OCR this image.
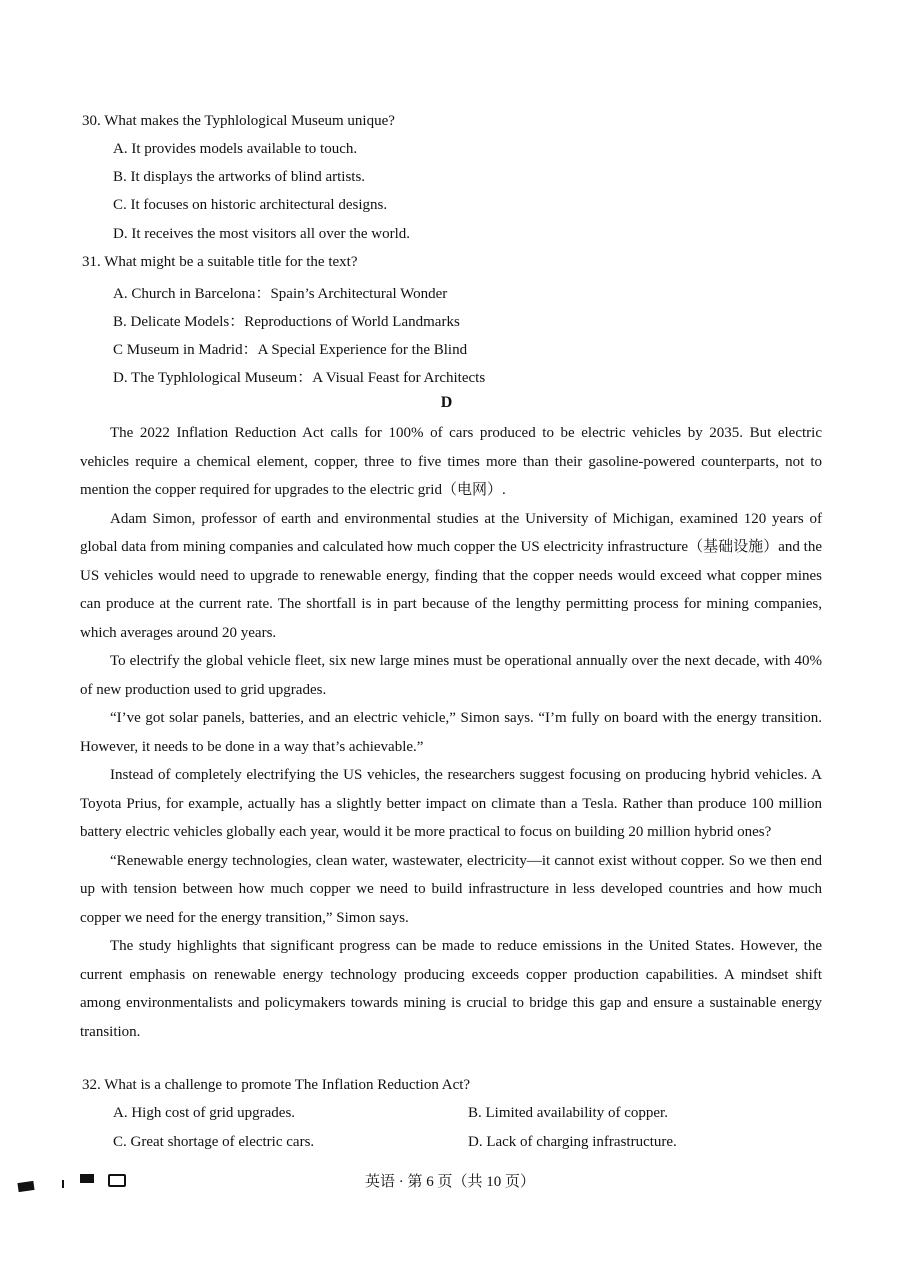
30. What makes the Typhlological Museum unique?
A. It provides models available to touch.
B. It displays the artworks of blind artists.
C. It focuses on historic architectural designs.
D. It receives the most visitors all over the world.
31. What might be a suitable title for the text?
A. Church in Barcelona：Spain’s Architectural Wonder
B. Delicate Models：Reproductions of World Landmarks
C Museum in Madrid：A Special Experience for the Blind
D. The Typhlological Museum：A Visual Feast for Architects
D

The 2022 Inflation Reduction Act calls for 100% of cars produced to be electric vehicles by 2035. But electric vehicles require a chemical element, copper, three to five times more than their gasoline-powered counterparts, not to mention the copper required for upgrades to the electric grid（电网）.

Adam Simon, professor of earth and environmental studies at the University of Michigan, examined 120 years of global data from mining companies and calculated how much copper the US electricity infrastructure（基础设施）and the US vehicles would need to upgrade to renewable energy, finding that the copper needs would exceed what copper mines can produce at the current rate. The shortfall is in part because of the lengthy permitting process for mining companies, which averages around 20 years.

To electrify the global vehicle fleet, six new large mines must be operational annually over the next decade, with 40% of new production used to grid upgrades.

“I’ve got solar panels, batteries, and an electric vehicle,” Simon says. “I’m fully on board with the energy transition. However, it needs to be done in a way that’s achievable.”

Instead of completely electrifying the US vehicles, the researchers suggest focusing on producing hybrid vehicles. A Toyota Prius, for example, actually has a slightly better impact on climate than a Tesla. Rather than produce 100 million battery electric vehicles globally each year, would it be more practical to focus on building 20 million hybrid ones?

“Renewable energy technologies, clean water, wastewater, electricity—it cannot exist without copper. So we then end up with tension between how much copper we need to build infrastructure in less developed countries and how much copper we need for the energy transition,” Simon says.

The study highlights that significant progress can be made to reduce emissions in the United States. However, the current emphasis on renewable energy technology producing exceeds copper production capabilities. A mindset shift among environmentalists and policymakers towards mining is crucial to bridge this gap and ensure a sustainable energy transition.

32. What is a challenge to promote The Inflation Reduction Act?
A. High cost of grid upgrades.	B. Limited availability of copper.
C. Great shortage of electric cars.	D. Lack of charging infrastructure.
英语 · 第 6 页（共 10 页）
